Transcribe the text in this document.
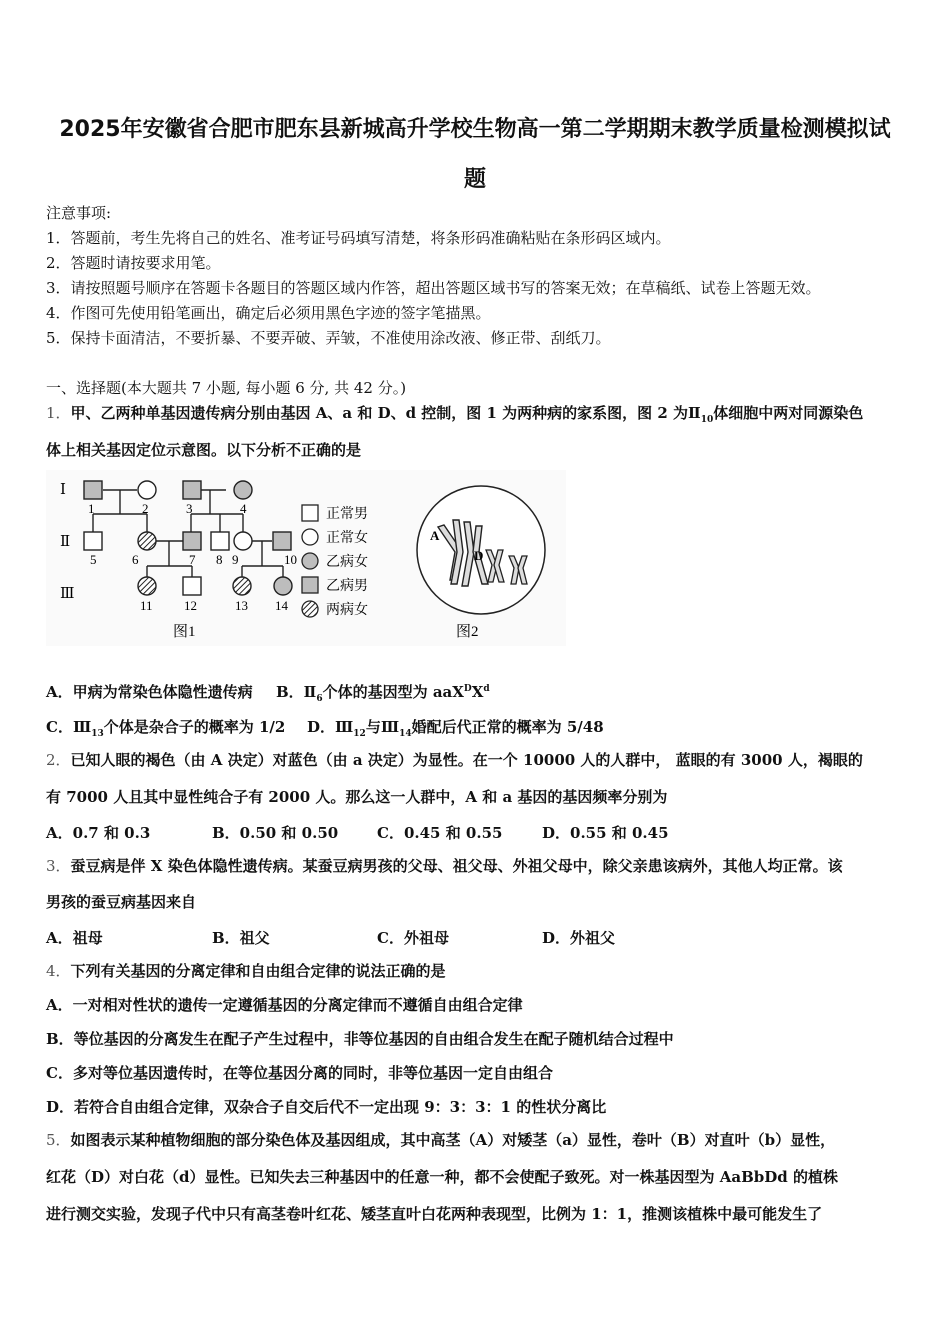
2025年安徽省合肥市肥东县新城高升学校生物高一第二学期期末教学质量检测模拟试
题
注意事项:
1．答题前，考生先将自己的姓名、准考证号码填写清楚，将条形码准确粘贴在条形码区域内。
2．答题时请按要求用笔。
3．请按照题号顺序在答题卡各题目的答题区域内作答，超出答题区域书写的答案无效；在草稿纸、试卷上答题无效。
4．作图可先使用铅笔画出，确定后必须用黑色字迹的签字笔描黑。
5．保持卡面清洁，不要折暴、不要弄破、弄皱，不准使用涂改液、修正带、刮纸刀。
一、选择题(本大题共 7 小题, 每小题 6 分, 共 42 分。)
1．甲、乙两种单基因遗传病分别由基因 A、a 和 D、d 控制，图 1 为两种病的家系图，图 2 为$Ⅱ_{10}$体细胞中两对同源染色
体上相关基因定位示意图。以下分析不正确的是
Ⅰ
Ⅱ
Ⅲ
1	2	3	4
5	6	7 8 9	10
11 12	13 14
正常男
正常女
乙病女
乙病男
两病女
图1
A
D
图2
A．甲病为常染色体隐性遗传病 B．$Ⅱ_6$个体的基因型为 $aaX^DX^d$
C．$Ⅲ_{13}$个体是杂合子的概率为 1/2 D．$Ⅲ_{12}$与$Ⅲ_{14}$婚配后代正常的概率为 5/48
2．已知人眼的褐色（由 A 决定）对蓝色（由 a 决定）为显性。在一个 10000 人的人群中， 蓝眼的有 3000 人，褐眼的
有 7000 人且其中显性纯合子有 2000 人。那么这一人群中，A 和 a 基因的基因频率分别为
A．0.7 和 0.3	B．0.50 和 0.50	C．0.45 和 0.55	D．0.55 和 0.45
3．蚕豆病是伴 X 染色体隐性遗传病。某蚕豆病男孩的父母、祖父母、外祖父母中，除父亲患该病外，其他人均正常。该
男孩的蚕豆病基因来自
A．祖母	B．祖父	C．外祖母	D．外祖父
4．下列有关基因的分离定律和自由组合定律的说法正确的是
A．一对相对性状的遗传一定遵循基因的分离定律而不遵循自由组合定律
B．等位基因的分离发生在配子产生过程中，非等位基因的自由组合发生在配子随机结合过程中
C．多对等位基因遗传时，在等位基因分离的同时，非等位基因一定自由组合
D．若符合自由组合定律，双杂合子自交后代不一定出现 9：3：3：1 的性状分离比
5．如图表示某种植物细胞的部分染色体及基因组成，其中高茎（A）对矮茎（a）显性，卷叶（B）对直叶（b）显性，
红花（D）对白花（d）显性。已知失去三种基因中的任意一种，都不会使配子致死。对一株基因型为 AaBbDd 的植株
进行测交实验，发现子代中只有高茎卷叶红花、矮茎直叶白花两种表现型，比例为 1：1，推测该植株中最可能发生了
